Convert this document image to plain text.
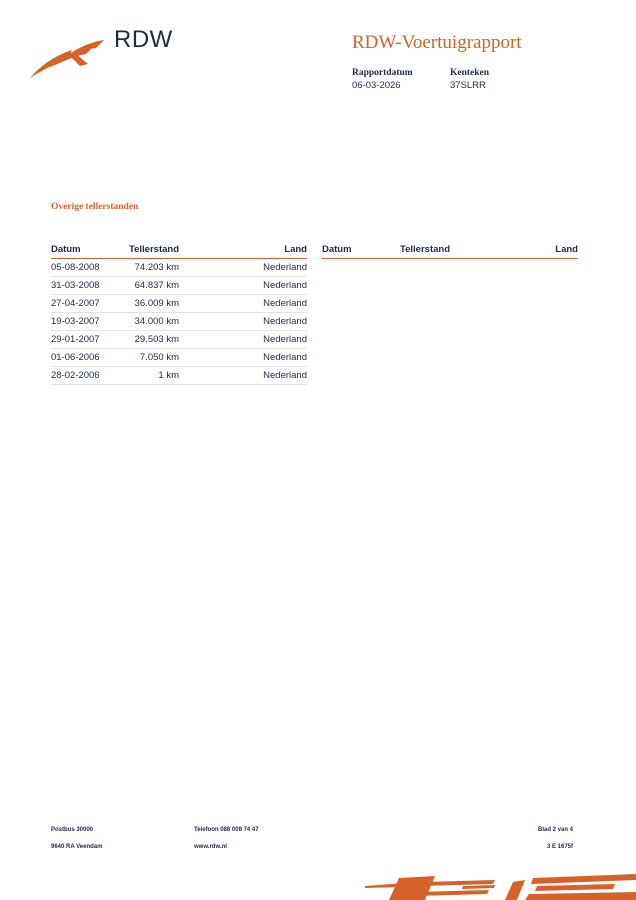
RDW	RDW-Voertuigrapport
Rapportdatum
06-03-2026
Kenteken
37SLRR
Overige tellerstanden
Datum	Tellerstand	Land
05-08-2008	74.203 km	Nederland
31-03-2008	64.837 km	Nederland
27-04-2007	36.009 km	Nederland
19-03-2007	34.000 km	Nederland
29-01-2007	29.503 km	Nederland
01-06-2006	7.050 km	Nederland
28-02-2006	1 km	Nederland
Datum	Tellerstand	Land
Postbus 30000
9640 RA Veendam
Telefoon 088 008 74 47
www.rdw.nl
Blad 2 van 4
3 E 1675f
